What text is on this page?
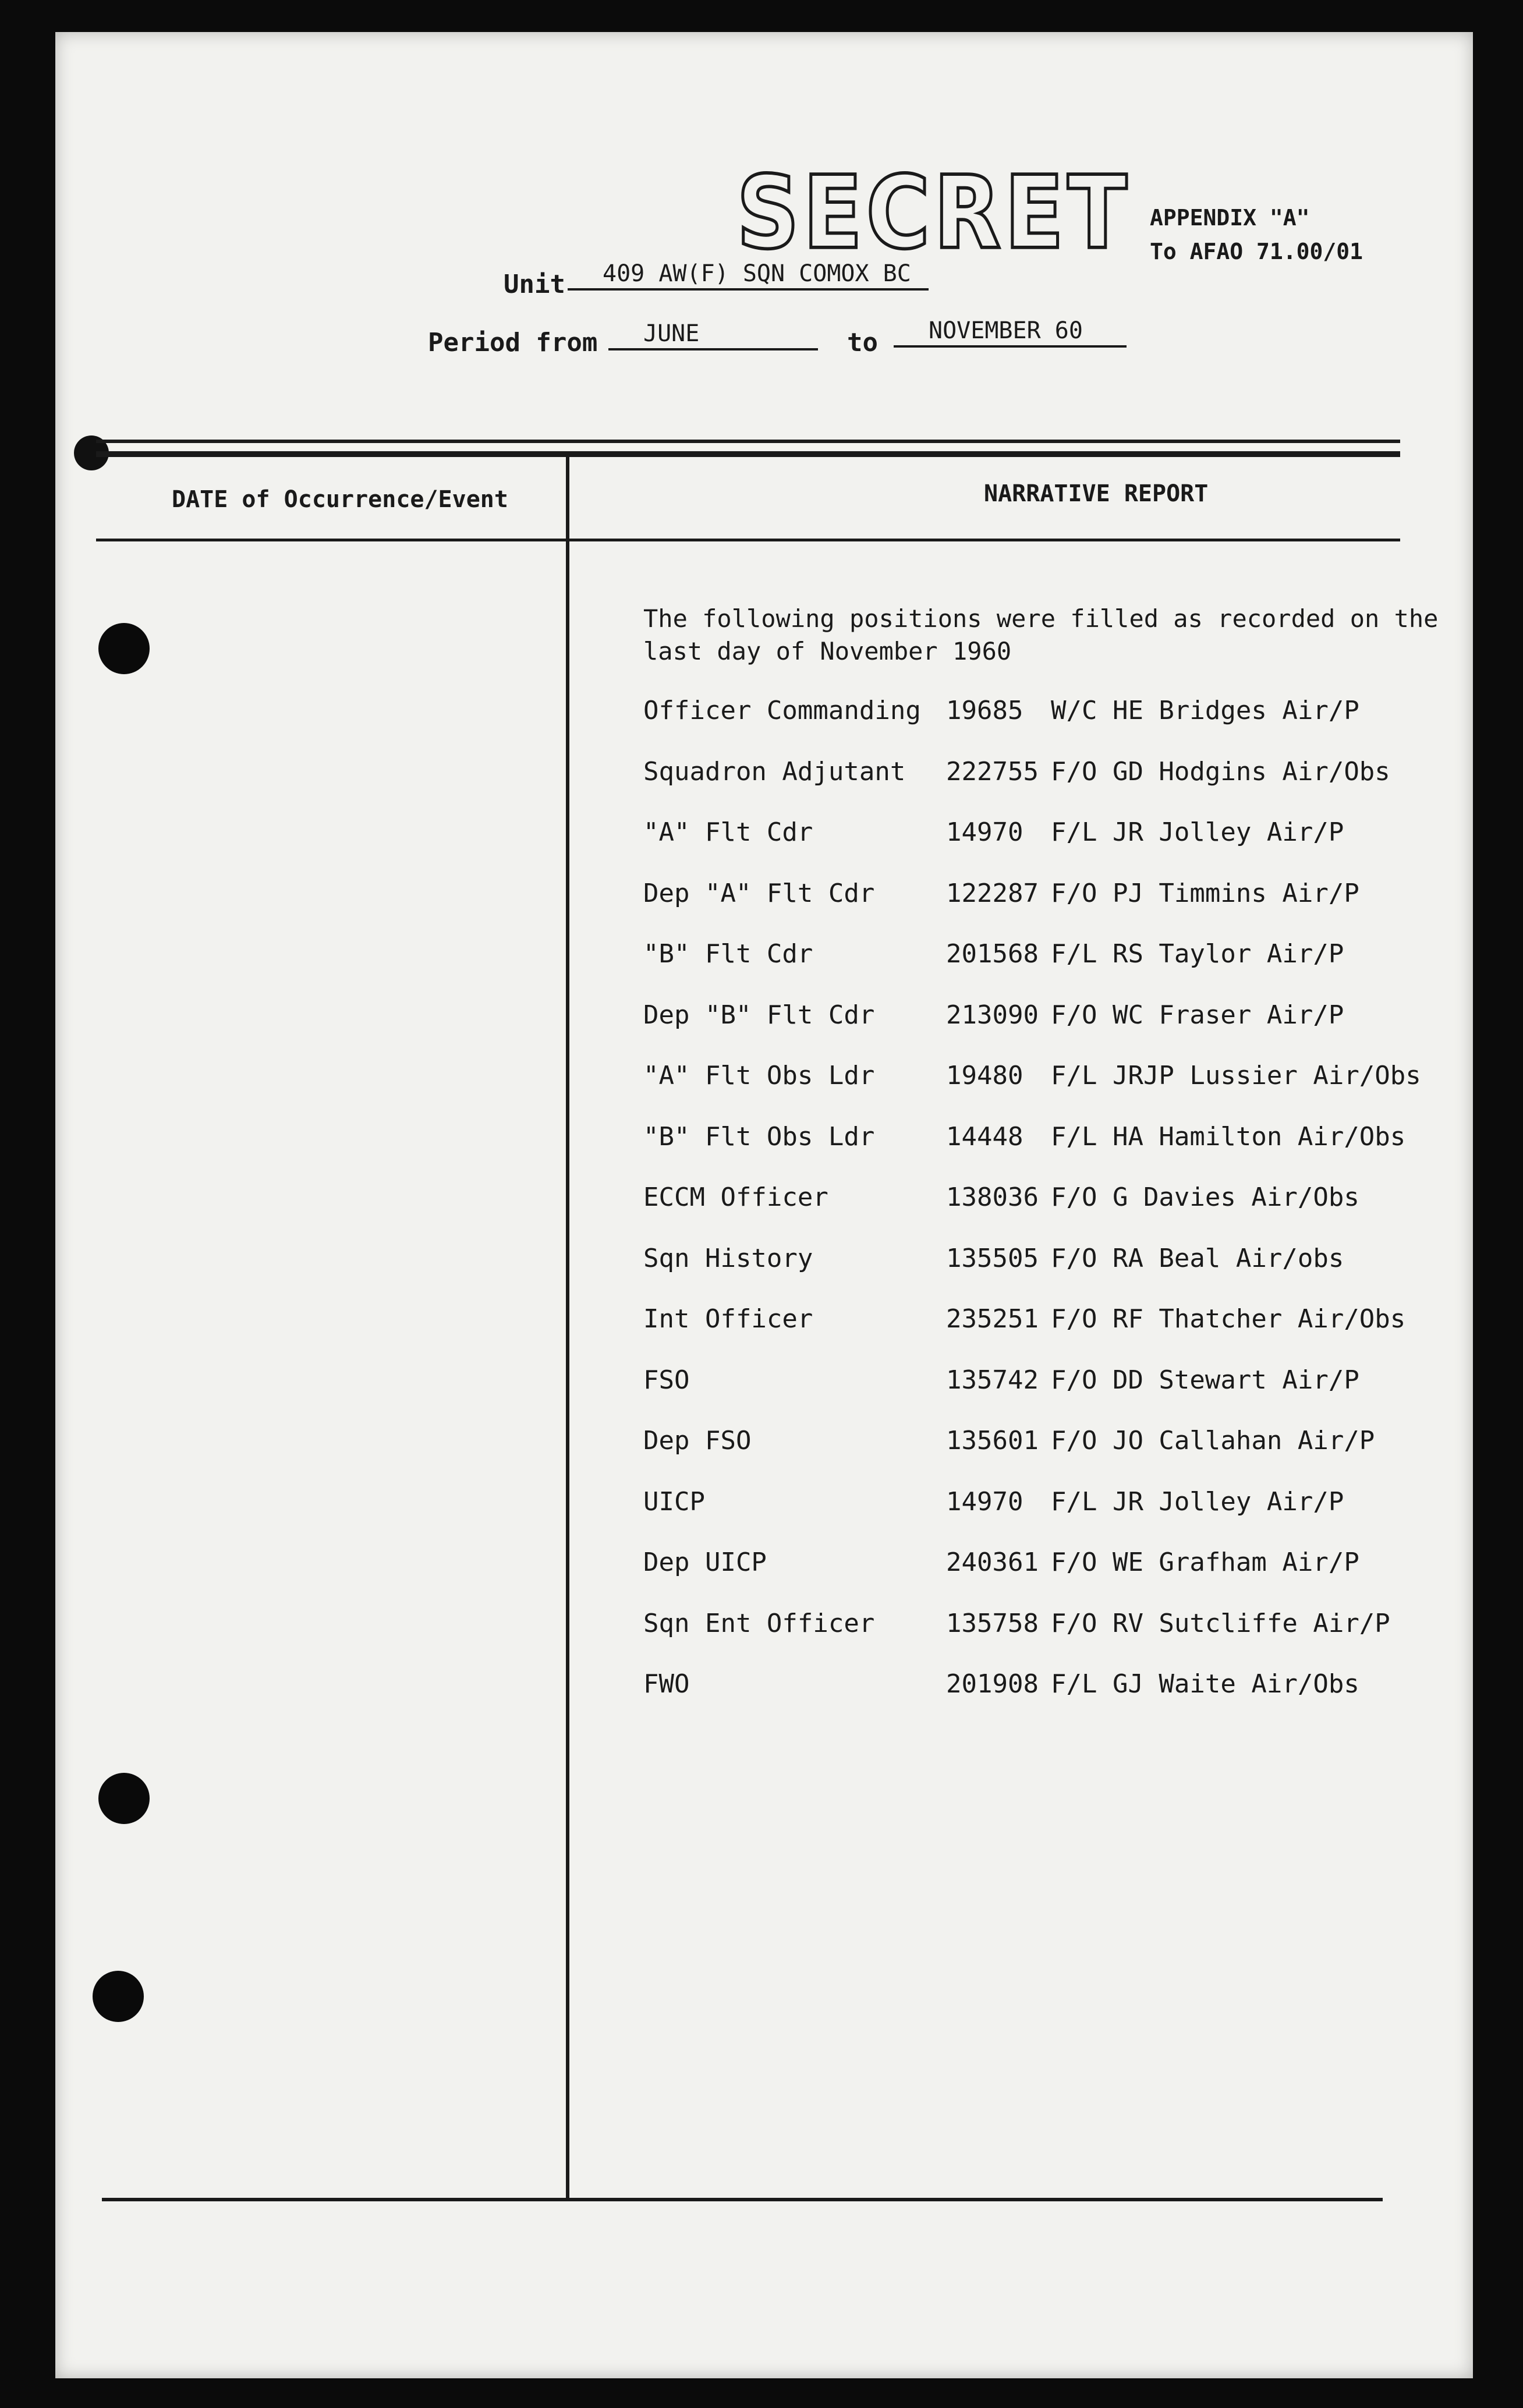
SECRET APPENDIX "A"
To AFAO 71.00/01
Unit	409 AW(F) SQN COMOX BC
Period from	JUNE	to	NOVEMBER 60
DATE of Occurrence/Event	NARRATIVE REPORT
The following positions were filled as recorded on the last day of November 1960
Officer Commanding 19685 W/C HE Bridges Air/P
Squadron Adjutant 222755 F/O GD Hodgins Air/Obs
"A" Flt Cdr	14970 F/L JR Jolley Air/P
Dep "A" Flt Cdr	122287 F/O PJ Timmins Air/P
"B" Flt Cdr	201568 F/L RS Taylor Air/P
Dep "B" Flt Cdr	213090 F/O WC Fraser Air/P
"A" Flt Obs Ldr	19480 F/L JRJP Lussier Air/Obs
"B" Flt Obs Ldr	14448 F/L HA Hamilton Air/Obs
ECCM Officer	138036 F/O G Davies Air/Obs
Sqn History	135505 F/O RA Beal Air/obs
Int Officer	235251 F/O RF Thatcher Air/Obs
FSO	135742 F/O DD Stewart Air/P
Dep FSO	135601 F/O JO Callahan Air/P
UICP	14970 F/L JR Jolley Air/P
Dep UICP	240361 F/O WE Grafham Air/P
Sqn Ent Officer	135758 F/O RV Sutcliffe Air/P
FWO	201908 F/L GJ Waite Air/Obs
